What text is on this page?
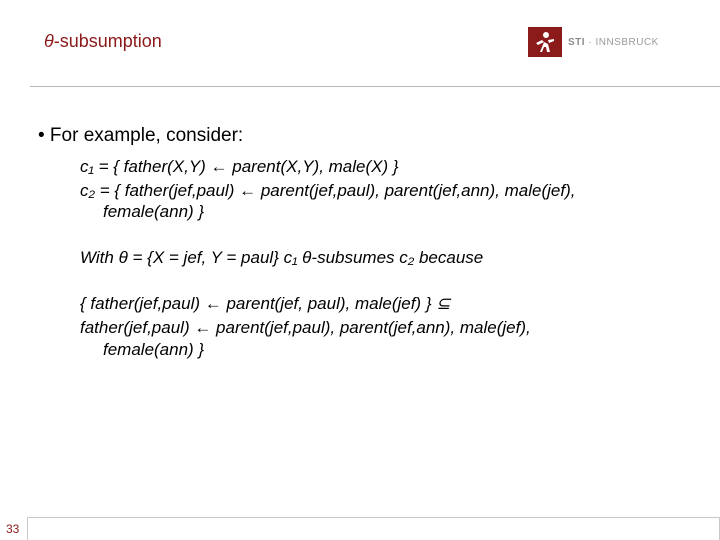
θ-subsumption	STI · INNSBRUCK
• For example, consider:
c₁ = { father(X,Y) ← parent(X,Y), male(X) }
c₂ = { father(jef,paul) ← parent(jef,paul), parent(jef,ann), male(jef),
female(ann) }
With θ = {X = jef, Y = paul} c₁ θ-subsumes c₂ because
{ father(jef,paul) ← parent(jef, paul), male(jef) } ⊆
father(jef,paul) ← parent(jef,paul), parent(jef,ann), male(jef),
female(ann) }
33
